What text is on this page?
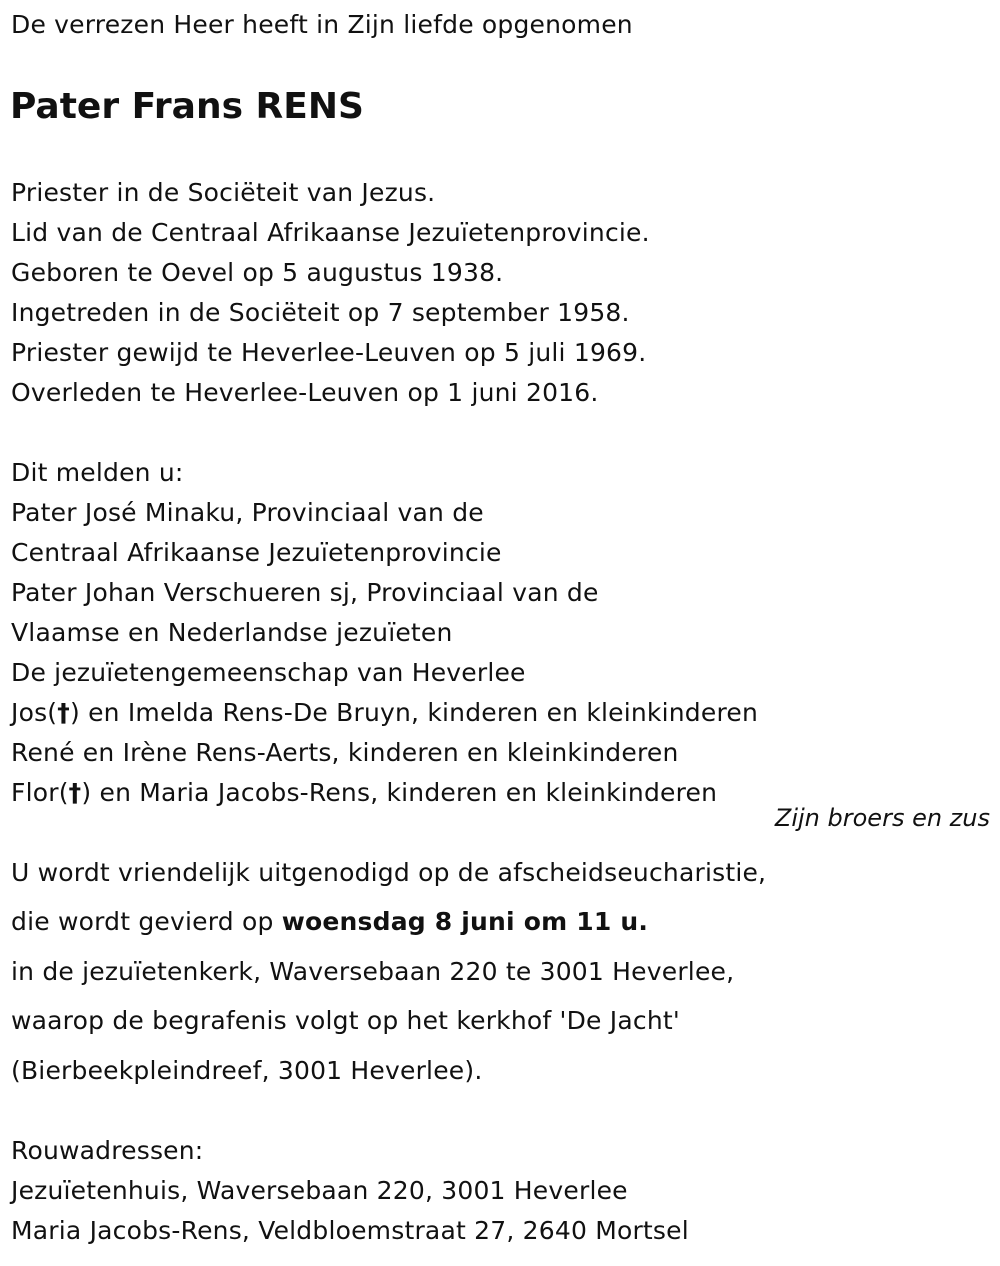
De verrezen Heer heeft in Zijn liefde opgenomen
Pater Frans RENS
Priester in de Sociëteit van Jezus.
Lid van de Centraal Afrikaanse Jezuïetenprovincie.
Geboren te Oevel op 5 augustus 1938.
Ingetreden in de Sociëteit op 7 september 1958.
Priester gewijd te Heverlee-Leuven op 5 juli 1969.
Overleden te Heverlee-Leuven op 1 juni 2016.
Dit melden u:
Pater José Minaku, Provinciaal van de
Centraal Afrikaanse Jezuïetenprovincie
Pater Johan Verschueren sj, Provinciaal van de
Vlaamse en Nederlandse jezuïeten
De jezuïetengemeenschap van Heverlee
Jos(†) en Imelda Rens-De Bruyn, kinderen en kleinkinderen
René en Irène Rens-Aerts, kinderen en kleinkinderen
Flor(†) en Maria Jacobs-Rens, kinderen en kleinkinderen
Zijn broers en zus
U wordt vriendelijk uitgenodigd op de afscheidseucharistie,
die wordt gevierd op woensdag 8 juni om 11 u.
in de jezuïetenkerk, Waversebaan 220 te 3001 Heverlee,
waarop de begrafenis volgt op het kerkhof 'De Jacht'
(Bierbeekpleindreef, 3001 Heverlee).
Rouwadressen:
Jezuïetenhuis, Waversebaan 220, 3001 Heverlee
Maria Jacobs-Rens, Veldbloemstraat 27, 2640 Mortsel
